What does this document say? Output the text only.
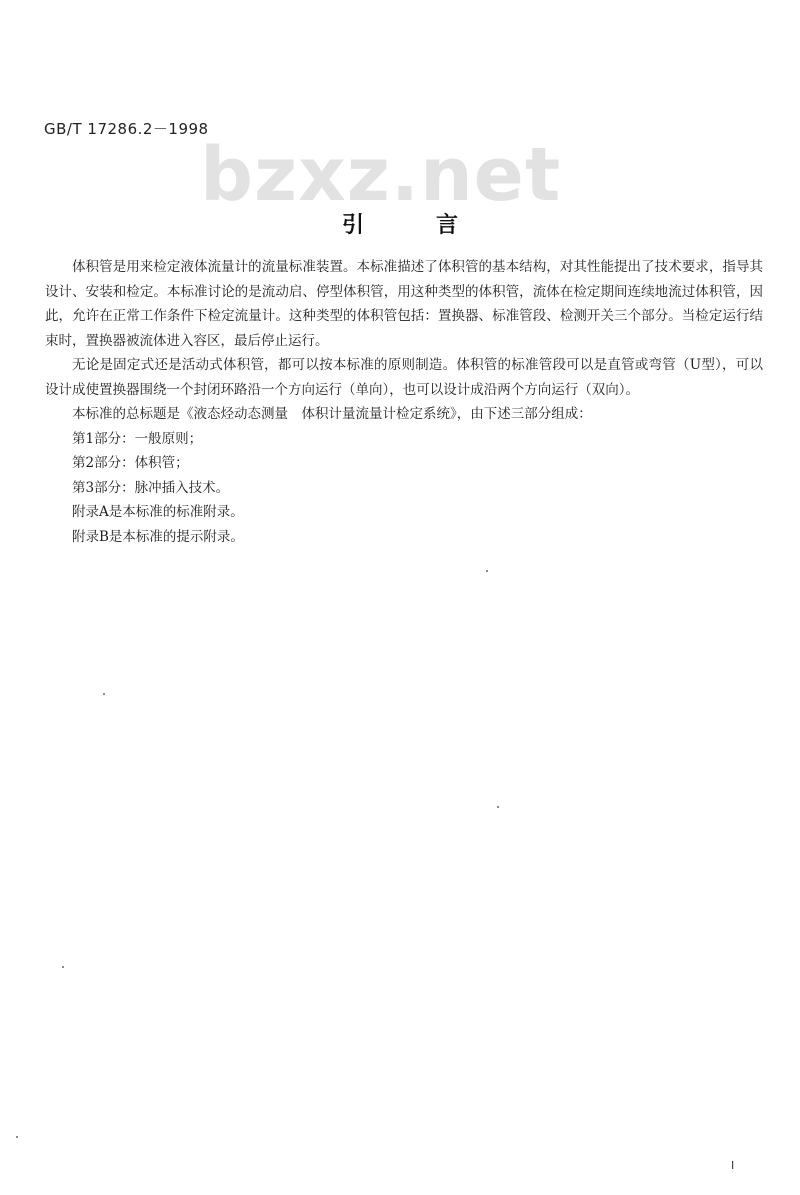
GB/T 17286.2－1998
bzxz.net
引言

体积管是用来检定液体流量计的流量标准装置。本标准描述了体积管的基本结构，对其性能提出了技术要求，指导其设计、安装和检定。本标准讨论的是流动启、停型体积管，用这种类型的体积管，流体在检定期间连续地流过体积管，因此，允许在正常工作条件下检定流量计。这种类型的体积管包括：置换器、标准管段、检测开关三个部分。当检定运行结束时，置换器被流体进入容区，最后停止运行。

无论是固定式还是活动式体积管，都可以按本标准的原则制造。体积管的标准管段可以是直管或弯管（U型），可以设计成使置换器围绕一个封闭环路沿一个方向运行（单向），也可以设计成沿两个方向运行（双向）。

本标准的总标题是《液态烃动态测量　体积计量流量计检定系统》，由下述三部分组成：

第1部分：一般原则；

第2部分：体积管；

第3部分：脉冲插入技术。

附录A是本标准的标准附录。

附录B是本标准的提示附录。

I
